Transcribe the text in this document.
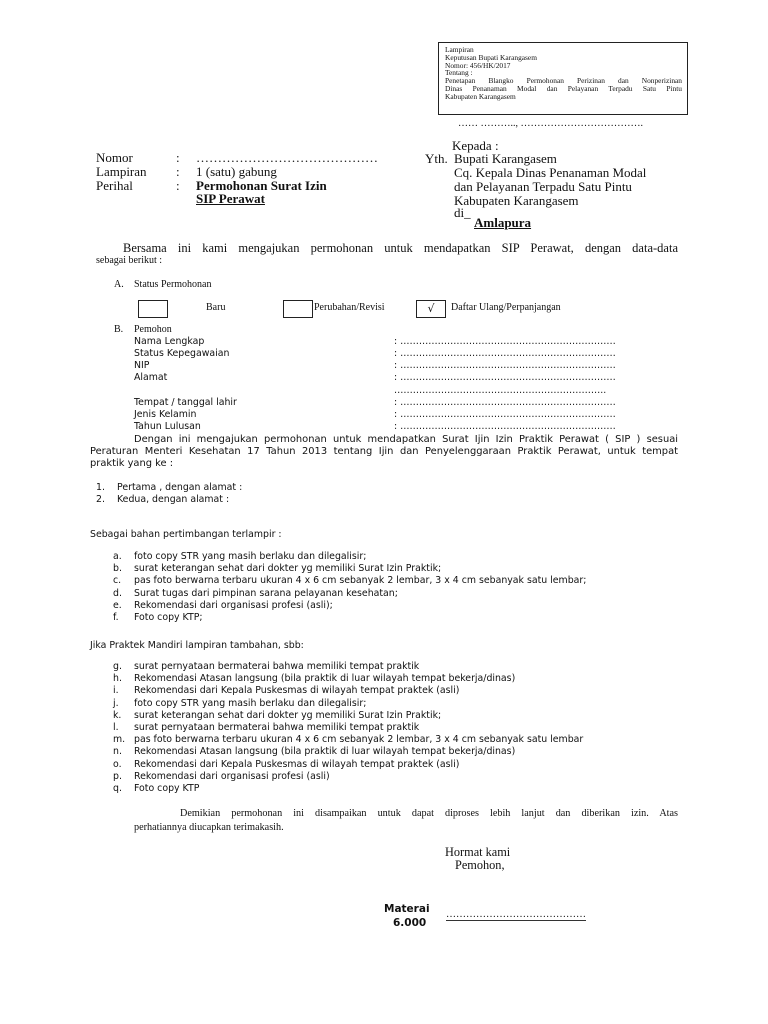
Lampiran
Keputusan Bupati Karangasem
Nomor: 456/HK/2017
Tentang :
Penetapan Blangko Permohonan Perizinan dan Nonperizinan
Dinas Penanaman Modal dan Pelayanan Terpadu Satu Pintu
Kabupaten Karangasem
…… ……….., ……………………………….
Nomor	: ……………………………………
Lampiran : 1 (satu) gabung
Perihal	: Permohonan Surat Izin
SIP Perawat
Kepada :
Yth. Bupati Karangasem
Cq. Kepala Dinas Penanaman Modal
dan Pelayanan Terpadu Satu Pintu
Kabupaten Karangasem
di_
Amlapura
Bersama ini kami mengajukan permohonan untuk mendapatkan SIP Perawat, dengan data-data
sebagai berikut :
A. Status Permohonan
Baru	Perubahan/Revisi	√	Daftar Ulang/Perpanjangan
B. Pemohon
Nama Lengkap	: ……………………………………………………………
Status Kepegawaian	: ……………………………………………………………
NIP	: ……………………………………………………………
Alamat	: ……………………………………………………………
…………………………………………………………..
Tempat / tanggal lahir	: ……………………………………………………………
Jenis Kelamin	: ……………………………………………………………
Tahun Lulusan	: ……………………………………………………………
Dengan ini mengajukan permohonan untuk mendapatkan Surat Ijin Izin Praktik Perawat ( SIP ) sesuai
Peraturan Menteri Kesehatan 17 Tahun 2013 tentang Ijin dan Penyelenggaraan Praktik Perawat, untuk tempat
praktik yang ke :
1. Pertama , dengan alamat :
2. Kedua, dengan alamat :
Sebagai bahan pertimbangan terlampir :
a. foto copy STR yang masih berlaku dan dilegalisir;
b. surat keterangan sehat dari dokter yg memiliki Surat Izin Praktik;
c. pas foto berwarna terbaru ukuran 4 x 6 cm sebanyak 2 lembar, 3 x 4 cm sebanyak satu lembar;
d. Surat tugas dari pimpinan sarana pelayanan kesehatan;
e. Rekomendasi dari organisasi profesi (asli);
f. Foto copy KTP;
Jika Praktek Mandiri lampiran tambahan, sbb:
g. surat pernyataan bermaterai bahwa memiliki tempat praktik
h. Rekomendasi Atasan langsung (bila praktik di luar wilayah tempat bekerja/dinas)
i. Rekomendasi dari Kepala Puskesmas di wilayah tempat praktek (asli)
j. foto copy STR yang masih berlaku dan dilegalisir;
k. surat keterangan sehat dari dokter yg memiliki Surat Izin Praktik;
l. surat pernyataan bermaterai bahwa memiliki tempat praktik
m. pas foto berwarna terbaru ukuran 4 x 6 cm sebanyak 2 lembar, 3 x 4 cm sebanyak satu lembar
n. Rekomendasi Atasan langsung (bila praktik di luar wilayah tempat bekerja/dinas)
o. Rekomendasi dari Kepala Puskesmas di wilayah tempat praktek (asli)
p. Rekomendasi dari organisasi profesi (asli)
q. Foto copy KTP
Demikian permohonan ini disampaikan untuk dapat diproses lebih lanjut dan diberikan izin. Atas
perhatiannya diucapkan terimakasih.
Hormat kami
Pemohon,
Materai
6.000
……………………………………
